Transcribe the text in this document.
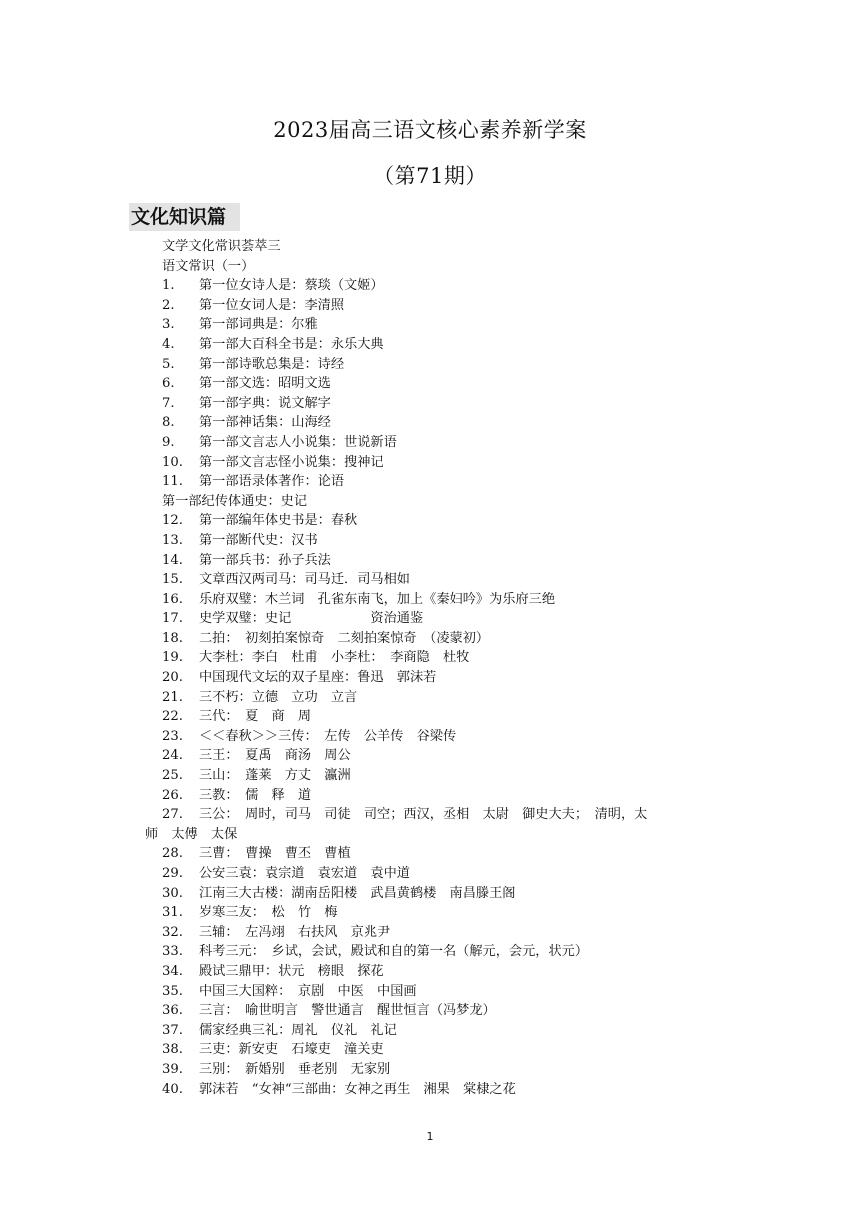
2023届高三语文核心素养新学案
（第71期）
文化知识篇
文学文化常识荟萃三
语文常识（一）
1.	第一位女诗人是：蔡琰（文姬）
2.	第一位女词人是：李清照
3.	第一部词典是：尔雅
4.	第一部大百科全书是：永乐大典
5.	第一部诗歌总集是：诗经
6.	第一部文选：昭明文选
7.	第一部字典：说文解字
8.	第一部神话集：山海经
9.	第一部文言志人小说集：世说新语
10.	第一部文言志怪小说集：搜神记
11.	第一部语录体著作：论语
第一部纪传体通史：史记
12.	第一部编年体史书是：春秋
13.	第一部断代史：汉书
14.	第一部兵书：孙子兵法
15.	文章西汉两司马：司马迁．司马相如
16.	乐府双璧：木兰词　孔雀东南飞，加上《秦妇吟》为乐府三绝
17.	史学双璧：史记　　　　　　资治通鉴
18.	二拍：　初刻拍案惊奇　二刻拍案惊奇　（凌蒙初）
19.	大李杜：李白　杜甫　小李杜：　李商隐　杜牧
20.	中国现代文坛的双子星座：鲁迅　郭沫若
21.	三不朽：立德　立功　立言
22.	三代：　夏　商　周
23.	＜＜春秋＞＞三传：　左传　公羊传　谷梁传
24.	三王：　夏禹　商汤　周公
25.	三山：　蓬莱　方丈　瀛洲
26.	三教：　儒　释　道
27.	三公：　周时，司马　司徒　司空；西汉，丞相　太尉　御史大夫；　清明，太
师　太傅　太保
28.	三曹：　曹操　曹丕　曹植
29.	公安三袁：袁宗道　袁宏道　袁中道
30.	江南三大古楼：湖南岳阳楼　武昌黄鹤楼　南昌滕王阁
31.	岁寒三友：　松　竹　梅
32.	三辅：　左冯翊　右扶风　京兆尹
33.	科考三元：　乡试，会试，殿试和自的第一名（解元，会元，状元）
34.	殿试三鼎甲：状元　榜眼　探花
35.	中国三大国粹：　京剧　中医　中国画
36.	三言：　喻世明言　警世通言　醒世恒言（冯梦龙）
37.	儒家经典三礼：周礼　仪礼　礼记
38.	三吏：新安吏　石壕吏　潼关吏
39.	三别：　新婚别　垂老别　无家别
40.	郭沫若　“女神“三部曲：女神之再生　湘果　棠棣之花
1
